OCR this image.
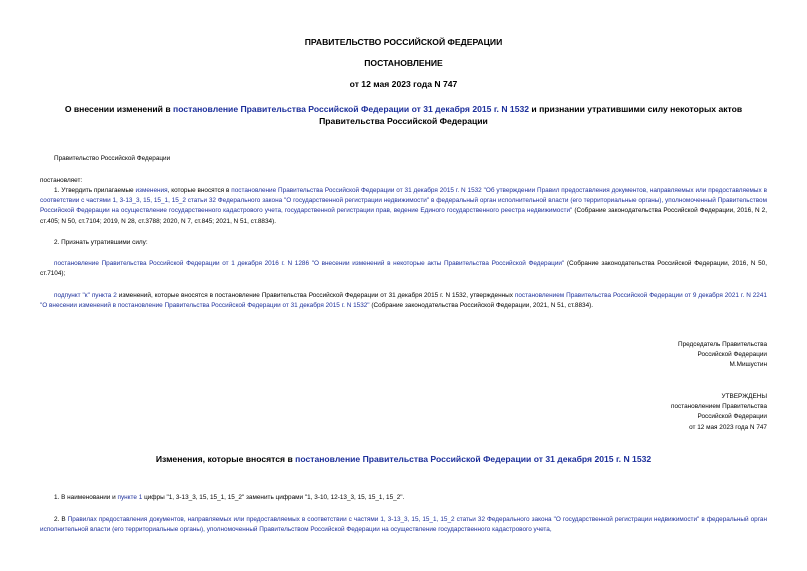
ПРАВИТЕЛЬСТВО РОССИЙСКОЙ ФЕДЕРАЦИИ
ПОСТАНОВЛЕНИЕ
от 12 мая 2023 года N 747
О внесении изменений в постановление Правительства Российской Федерации от 31 декабря 2015 г. N 1532 и признании утратившими силу некоторых актов Правительства Российской Федерации
Правительство Российской Федерации
постановляет:
1. Утвердить прилагаемые изменения, которые вносятся в постановление Правительства Российской Федерации от 31 декабря 2015 г. N 1532 "Об утверждении Правил предоставления документов, направляемых или предоставляемых в соответствии с частями 1, 3-13_3, 15, 15_1, 15_2 статьи 32 Федерального закона "О государственной регистрации недвижимости" в федеральный орган исполнительной власти (его территориальные органы), уполномоченный Правительством Российской Федерации на осуществление государственного кадастрового учета, государственной регистрации прав, ведение Единого государственного реестра недвижимости" (Собрание законодательства Российской Федерации, 2016, N 2, ст.405; N 50, ст.7104; 2019, N 28, ст.3788; 2020, N 7, ст.845; 2021, N 51, ст.8834).
2. Признать утратившими силу:
постановление Правительства Российской Федерации от 1 декабря 2016 г. N 1286 "О внесении изменений в некоторые акты Правительства Российской Федерации" (Собрание законодательства Российской Федерации, 2016, N 50, ст.7104);
подпункт "к" пункта 2 изменений, которые вносятся в постановление Правительства Российской Федерации от 31 декабря 2015 г. N 1532, утвержденных постановлением Правительства Российской Федерации от 9 декабря 2021 г. N 2241 "О внесении изменений в постановление Правительства Российской Федерации от 31 декабря 2015 г. N 1532" (Собрание законодательства Российской Федерации, 2021, N 51, ст.8834).
Председатель Правительства
Российской Федерации
М.Мишустин
УТВЕРЖДЕНЫ
постановлением Правительства
Российской Федерации
от 12 мая 2023 года N 747
Изменения, которые вносятся в постановление Правительства Российской Федерации от 31 декабря 2015 г. N 1532
1. В наименовании и пункте 1 цифры "1, 3-13_3, 15, 15_1, 15_2" заменить цифрами "1, 3-10, 12-13_3, 15, 15_1, 15_2".
2. В Правилах предоставления документов, направляемых или предоставляемых в соответствии с частями 1, 3-13_3, 15, 15_1, 15_2 статьи 32 Федерального закона "О государственной регистрации недвижимости" в федеральный орган исполнительной власти (его территориальные органы), уполномоченный Правительством Российской Федерации на осуществление государственного кадастрового учета,
